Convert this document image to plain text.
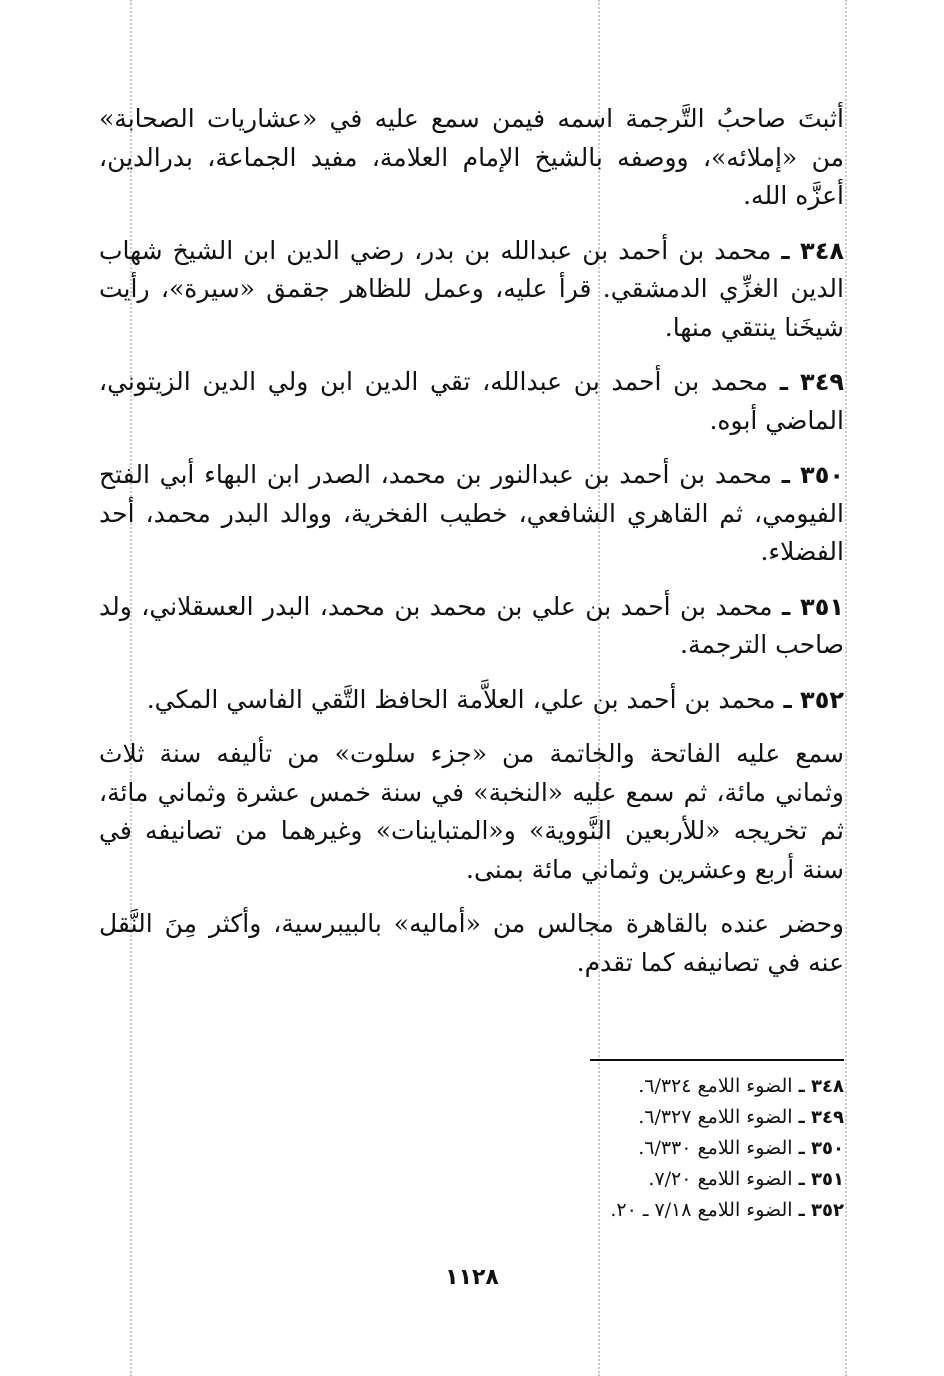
أثبتَ صاحبُ التَّرجمة اسمه فيمن سمع عليه في «عشاريات الصحابة» من «إملائه»، ووصفه بالشيخ الإمام العلامة، مفيد الجماعة، بدرالدين، أعزَّه الله.

٣٤٨ ـ محمد بن أحمد بن عبدالله بن بدر، رضي الدين ابن الشيخ شهاب الدين الغزِّي الدمشقي. قرأ عليه، وعمل للظاهر جقمق «سيرة»، رأيت شيخَنا ينتقي منها.
٣٤٩ ـ محمد بن أحمد بن عبدالله، تقي الدين ابن ولي الدين الزيتوني، الماضي أبوه.
٣٥٠ ـ محمد بن أحمد بن عبدالنور بن محمد، الصدر ابن البهاء أبي الفتح الفيومي، ثم القاهري الشافعي، خطيب الفخرية، ووالد البدر محمد، أحد الفضلاء.
٣٥١ ـ محمد بن أحمد بن علي بن محمد بن محمد، البدر العسقلاني، ولد صاحب الترجمة.
٣٥٢ ـ محمد بن أحمد بن علي، العلاَّمة الحافظ التَّقي الفاسي المكي.

سمع عليه الفاتحة والخاتمة من «جزء سلوت» من تأليفه سنة ثلاث وثماني مائة، ثم سمع عليه «النخبة» في سنة خمس عشرة وثماني مائة، ثم تخريجه «للأربعين النَّووية» و«المتباينات» وغيرهما من تصانيفه في سنة أربع وعشرين وثماني مائة بمنى.

وحضر عنده بالقاهرة مجالس من «أماليه» بالبيبرسية، وأكثر مِنَ النَّقل عنه في تصانيفه كما تقدم.

٣٤٨ ـ الضوء اللامع ٦/٣٢٤.
٣٤٩ ـ الضوء اللامع ٦/٣٢٧.
٣٥٠ ـ الضوء اللامع ٦/٣٣٠.
٣٥١ ـ الضوء اللامع ٧/٢٠.
٣٥٢ ـ الضوء اللامع ٧/١٨ ـ ٢٠.
١١٢٨
